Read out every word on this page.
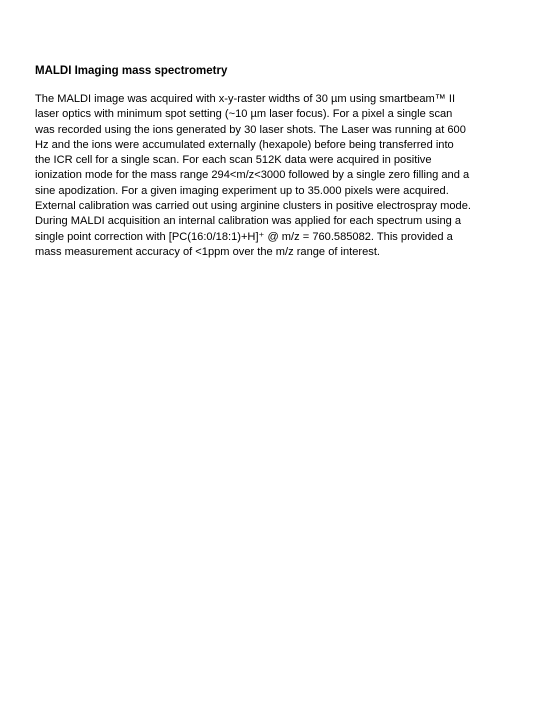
MALDI Imaging mass spectrometry

The MALDI image was acquired with x-y-raster widths of 30 µm using smartbeam™ II
laser optics with minimum spot setting (~10 µm laser focus). For a pixel a single scan
was recorded using the ions generated by 30 laser shots. The Laser was running at 600
Hz and the ions were accumulated externally (hexapole) before being transferred into
the ICR cell for a single scan. For each scan 512K data were acquired in positive
ionization mode for the mass range 294<m/z<3000 followed by a single zero filling and a
sine apodization. For a given imaging experiment up to 35.000 pixels were acquired.
External calibration was carried out using arginine clusters in positive electrospray mode.
During MALDI acquisition an internal calibration was applied for each spectrum using a
single point correction with [PC(16:0/18:1)+H]⁺ @ m/z = 760.585082. This provided a
mass measurement accuracy of <1ppm over the m/z range of interest.
